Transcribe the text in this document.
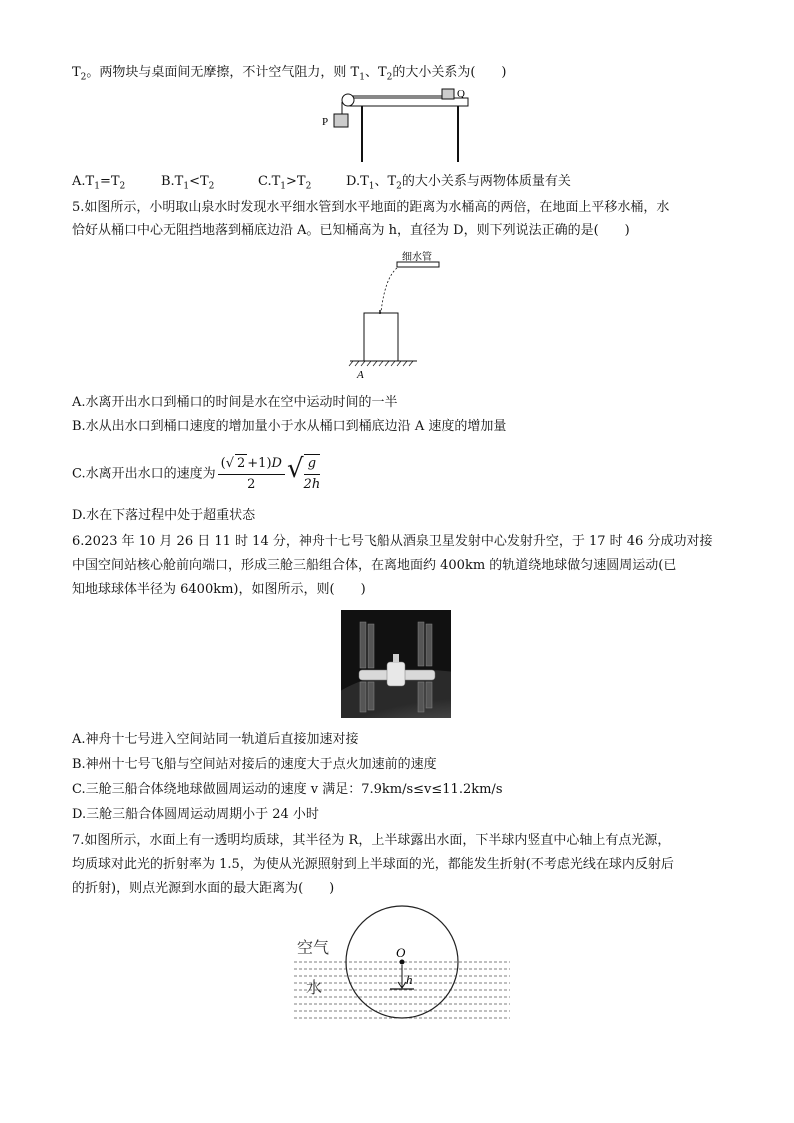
$T_2$。两物块与桌面间无摩擦，不计空气阻力，则 $T_1$、$T_2$的大小关系为(　　)
P
Q
$A.T_1=T_2$	$B.T_1<T_2$	$C.T_1>T_2$	$D.T_1$、$T_2$的大小关系与两物体质量有关
5.如图所示，小明取山泉水时发现水平细水管到水平地面的距离为水桶高的两倍，在地面上平移水桶，水
恰好从桶口中心无阻挡地落到桶底边沿 A。已知桶高为 h，直径为 D，则下列说法正确的是(　　)
细水管
A
A.水离开出水口到桶口的时间是水在空中运动时间的一半
B.水从出水口到桶口速度的增加量小于水从桶口到桶底边沿 A 速度的增加量
C.水离开出水口的速度为 $\frac{(√ 2 +1)D}{2}$ √ $\frac{g}{2h}$
D.水在下落过程中处于超重状态
6.2023 年 10 月 26 日 11 时 14 分，神舟十七号飞船从酒泉卫星发射中心发射升空，于 17 时 46 分成功对接
中国空间站核心舱前向端口，形成三舱三船组合体，在离地面约 400km 的轨道绕地球做匀速圆周运动(已
知地球球体半径为 6400km)，如图所示，则(　　)
A.神舟十七号进入空间站同一轨道后直接加速对接
B.神州十七号飞船与空间站对接后的速度大于点火加速前的速度
C.三舱三船合体绕地球做圆周运动的速度 v 满足：7.9km/s≤v≤11.2km/s
D.三舱三船合体圆周运动周期小于 24 小时
7.如图所示，水面上有一透明均质球，其半径为 R，上半球露出水面，下半球内竖直中心轴上有点光源，
均质球对此光的折射率为 1.5，为使从光源照射到上半球面的光，都能发生折射(不考虑光线在球内反射后
的折射)，则点光源到水面的最大距离为(　　)
空气
水
O
h
